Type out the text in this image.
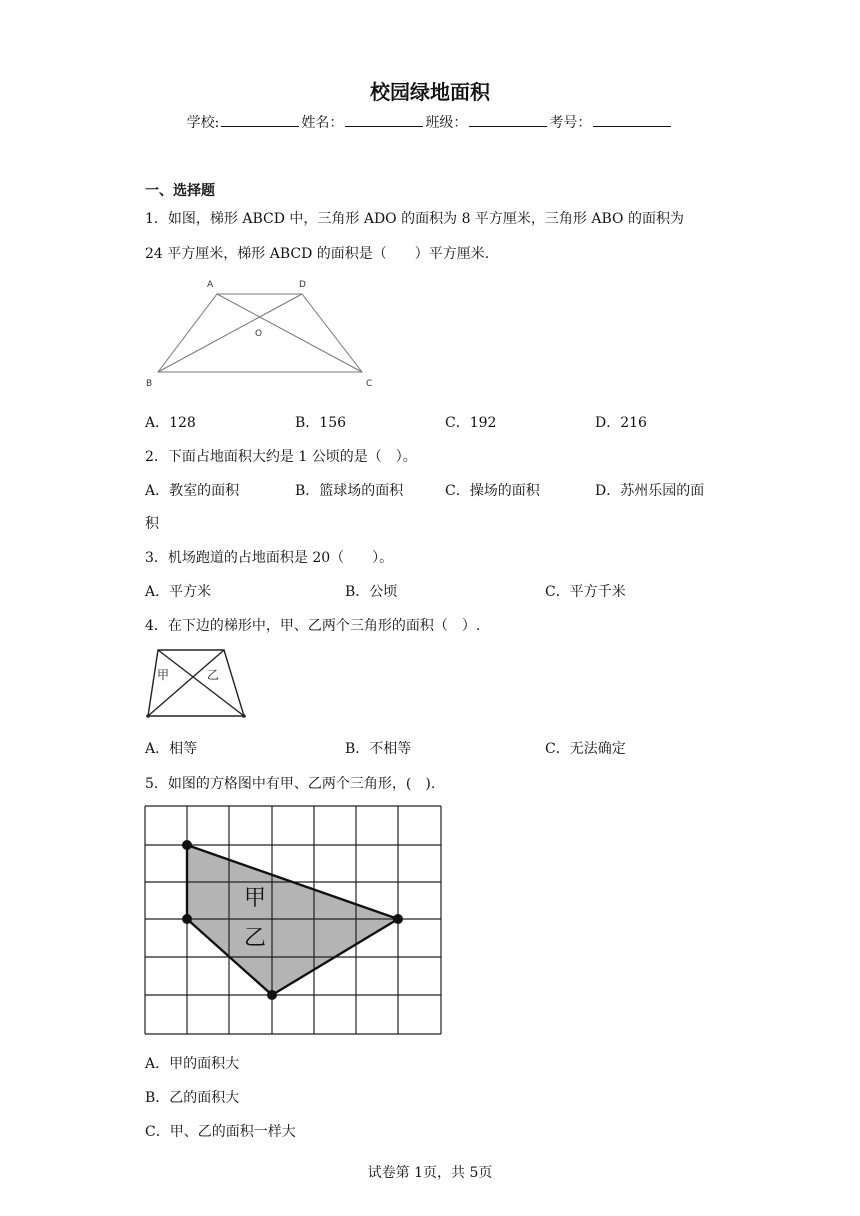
校园绿地面积
学校:	姓名：	班级：	考号：
一、选择题
1．如图，梯形 ABCD 中，三角形 ADO 的面积为 8 平方厘米，三角形 ABO 的面积为
24 平方厘米，梯形 ABCD 的面积是（　　）平方厘米.
A	D
O
B	C
A．128	B．156	C．192	D．216
2．下面占地面积大约是 1 公顷的是（　）。
A．教室的面积	B．篮球场的面积	C．操场的面积	D．苏州乐园的面
积
3．机场跑道的占地面积是 20（　　）。
A．平方米	B．公顷	C．平方千米
4．在下边的梯形中，甲、乙两个三角形的面积（　）.
甲	乙
A．相等	B．不相等	C．无法确定
5．如图的方格图中有甲、乙两个三角形，(　).
甲
乙
A．甲的面积大
B．乙的面积大
C．甲、乙的面积一样大
试卷第 1页，共 5页
